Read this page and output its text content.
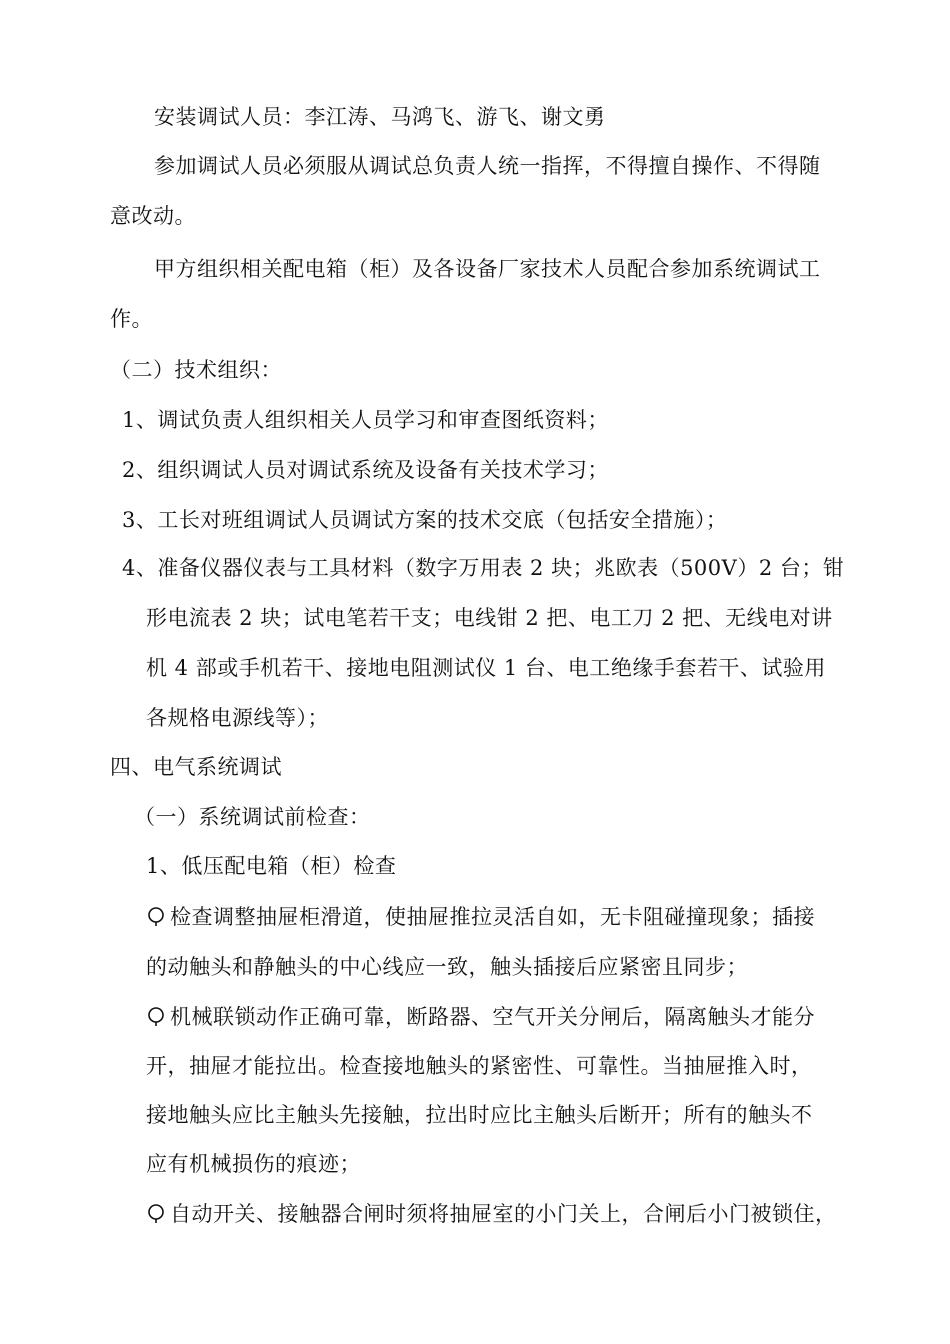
安装调试人员：李江涛、马鸿飞、游飞、谢文勇
参加调试人员必须服从调试总负责人统一指挥，不得擅自操作、不得随
意改动。
甲方组织相关配电箱（柜）及各设备厂家技术人员配合参加系统调试工
作。
（二）技术组织：
1、调试负责人组织相关人员学习和审查图纸资料；
2、组织调试人员对调试系统及设备有关技术学习；
3、工长对班组调试人员调试方案的技术交底（包括安全措施）；
4、准备仪器仪表与工具材料（数字万用表 2 块；兆欧表（500V）2 台；钳
形电流表 2 块；试电笔若干支；电线钳 2 把、电工刀 2 把、无线电对讲
机 4 部或手机若干、接地电阻测试仪 1 台、电工绝缘手套若干、试验用
各规格电源线等）；
四、电气系统调试
（一）系统调试前检查：
1、低压配电箱（柜）检查
检查调整抽屉柜滑道，使抽屉推拉灵活自如，无卡阻碰撞现象；插接
的动触头和静触头的中心线应一致，触头插接后应紧密且同步；
机械联锁动作正确可靠，断路器、空气开关分闸后，隔离触头才能分
开，抽屉才能拉出。检查接地触头的紧密性、可靠性。当抽屉推入时，
接地触头应比主触头先接触，拉出时应比主触头后断开；所有的触头不
应有机械损伤的痕迹；
自动开关、接触器合闸时须将抽屉室的小门关上，合闸后小门被锁住，
